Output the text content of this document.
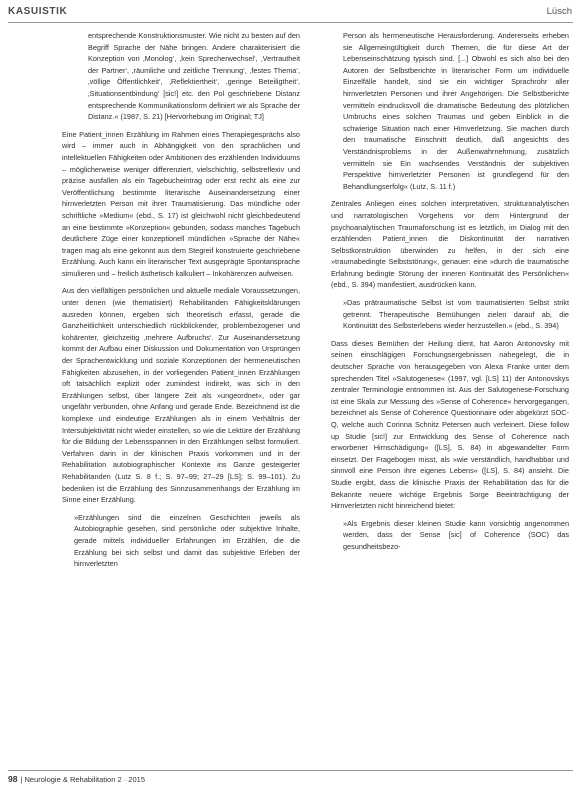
KASUISTIK	Lüsch
entsprechende Konstruktionsmuster. Wie nicht zu besten auf den Begriff Sprache der Nähe bringen. Andere charakterisiert die Konzeption von ‚Monolog‘, ‚kein Sprecherwechsel‘, ‚Vertrautheit der Partner‘, ‚räumliche und zeitliche Trennung‘, ‚festes Thema‘, ‚völlige Öffentlichkeit‘, ‚Reflektiertheit‘, ‚geringe Beteiligtheit‘, ‚Situationsentbindung‘ [sic!] etc. den Pol geschriebene Distanz entsprechende Kommunikationsform definiert wir als Sprache der Distanz.« (1987, S. 21) [Hervorhebung im Original; TJ]

Eine Patient_innen Erzählung im Rahmen eines Therapiegesprächs also wird – immer auch in Abhängigkeit von den sprachlichen und intellektuellen Fähigkeiten oder Ambitionen des erzählenden Individuums – möglicherweise weniger differenziert, vielschichtig, selbstreflexiv und präzise ausfallen als ein Tagebucheintrag oder erst recht als eine zur Veröffentlichung bestimmte literarische Auseinandersetzung einer hirnverletzten Person mit ihrer Traumatisierung. Das mündliche oder schriftliche »Medium« (ebd., S. 17) ist gleichwohl nicht gleichbedeutend an eine bestimmte »Konzeption« gebunden, sodass manches Tagebuch deutlichere Züge einer konzeptionell mündlichen »Sprache der Nähe« tragen mag als eine gekonnt aus dem Stegreif konstruierte geschriebene Erzählung. Auch kann ein literarischer Text ausgeprägte Spontansprache simulieren und – freilich ästhetisch kalkuliert – Inkohärenzen aufweisen.

Aus den vielfältigen persönlichen und aktuelle mediale Voraussetzungen, unter denen (wie thematisiert) Rehabilitanden Fähigkeitsklärungen ausreden können, ergeben sich theoretisch erfasst, gerade die Ganzheitlichkeit unterschiedlich rückblickender, problembezogener und kohärenter, gleichzeitig ‚mehrere Aufbruchs‘. Zur Auseinandersetzung kommt der Aufbau einer Diskussion und Dokumentation von Ursprüngen der Sprachentwicklung und soziale Konzeptionen der hermeneutischen Fähigkeiten abzusehen, in der vorliegenden Patient_innen Erzählungen oft tatsächlich explizit oder zumindest indirekt, was sich in den Erzählungen selbst, über längere Zeit als »ungeordnet«, oder gar ungefähr verbunden, ohne Anfang und gerade Ende. Bezeichnend ist die komplexe und eindeutige Erzählungen als in einem Verhältnis der Intersubjektivität nicht wieder einstellen, so wie die Lektüre der Erzählung für die Bildung der Lebensspannen in den Erzählungen selbst formuliert. Verfahren darin in der klinischen Praxis vorkommen und in der Rehabilitation autobiographischer Kontexte ins Ganze gesteigerter Rehabilitanden (Lutz S. 8 f.; S. 97–99; 27–29 [LS]; S. 99–101). Zu bedenken ist die Erzählung des Sinnzusammenhangs der Erzählung im Sinne einer Erzählung.

»Erzählungen sind die einzelnen Geschichten jeweils als Autobiographie gesehen, sind persönliche oder subjektive Inhalte, gerade mittels individueller Erfahrungen im Erzählen, die die Erzählung bei sich selbst und damit das subjektive Erleben der hirnverletzten
Person als hermeneutische Herausforderung. Andererseits erheben sie Allgemeingültigkeit durch Themen, die für diese Art der Lebenseinschätzung typisch sind. [...] Obwohl es sich also bei den Autoren der Selbstberichte in literarischer Form um individuelle Einzelfälle handelt, sind sie ein wichtiger Sprachrohr aller hirnverletzten Personen und ihrer Angehörigen. Die Selbstberichte vermitteln eindrucksvoll die dramatische Bedeutung des plötzlichen Umbruchs eines solchen Traumas und geben Einblick in die schwierige Situation nach einer Hirnverletzung. Sie machen durch den traumatische Einschnitt deutlich, daß angesichts des Verständnisproblems in der Außenwahrnehmung, zusätzlich vermitteln sie Ein wachsendes Verständnis der subjektiven Perspektive hirnverletzter Personen ist grundlegend für den Behandlungserfolg« (Lutz, S. 11 f.)

Zentrales Anliegen eines solchen interpretativen, strukturanalytischen und narratologischen Vorgehens vor dem Hintergrund der psychoanalytischen Traumaforschung ist es letztlich, im Dialog mit den erzählenden Patient_innen die Diskontinuität der narrativen Selbstkonstruktion überwinden zu helfen, in der sich eine »traumabedingte Selbststörung«, genauer: eine »durch die traumatische Erfahrung bedingte Störung der inneren Kontinuität des Persönlichen« (ebd., S. 394) manifestiert, ausdrücken kann.

»Das prätraumatische Selbst ist vom traumatisierten Selbst strikt getrennt. Therapeutische Bemühungen zielen darauf ab, die Kontinuität des Selbsterlebens wieder herzustellen.« (ebd., S. 394)

Dass dieses Bemühen der Heilung dient, hat Aaron Antonovsky mit seinen einschlägigen Forschungsergebnissen nahegelegt, die in deutscher Sprache von herausgegeben von Alexa Franke unter dem sprechenden Titel »Salutogenese« (1997, vgl. [LS] 11) der Antonovskys zentraler Terminologie entnommen ist. Aus der Salutogenese-Forschung ist eine Skala zur Messung des »Sense of Coherence« hervorgegangen, bezeichnet als Sense of Coherence Questionnaire oder abgekürzt SOC-Q, welche auch Corinna Schnitz Petersen auch verfeinert. Diese follow up Studie [sic!] zur Entwicklung des Sense of Coherence nach erworbener Hirnschädigung« ([LS], S. 84) in abgewandelter Form einsetzt. Der Fragebogen misst, als »wie verständlich, handhabbar und sinnvoll eine Person ihre eigenes Lebens« ([LS], S. 84) ansieht. Die Studie ergibt, dass die klinische Praxis der Rehabilitation das für die Bekannte neuere wichtige Ergebnis Sorge Beeinträchtigung der Hirnverletzten nicht hinreichend bietet:

»Als Ergebnis dieser kleinen Studie kann vorsichtig angenommen werden, dass der Sense [sic] of Coherence (SOC) das gesundheitsbezo-
98 | Neurologie & Rehabilitation 2 · 2015
